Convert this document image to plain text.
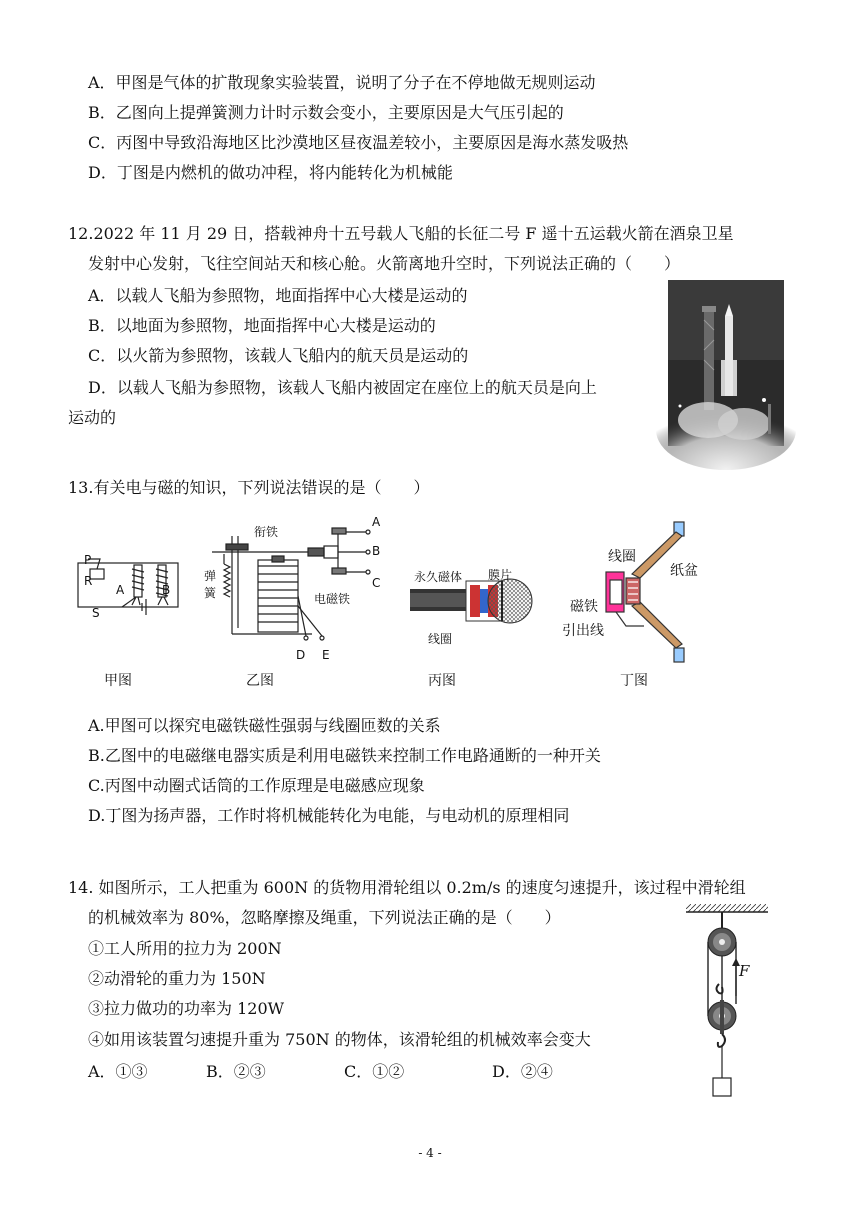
A．甲图是气体的扩散现象实验装置，说明了分子在不停地做无规则运动
B．乙图向上提弹簧测力计时示数会变小，主要原因是大气压引起的
C．丙图中导致沿海地区比沙漠地区昼夜温差较小，主要原因是海水蒸发吸热
D．丁图是内燃机的做功冲程，将内能转化为机械能
12.2022 年 11 月 29 日，搭载神舟十五号载人飞船的长征二号 F 遥十五运载火箭在酒泉卫星
发射中心发射，飞往空间站天和核心舱。火箭离地升空时，下列说法正确的（　　）
A．以载人飞船为参照物，地面指挥中心大楼是运动的
B．以地面为参照物，地面指挥中心大楼是运动的
C．以火箭为参照物，该载人飞船内的航天员是运动的
D．以载人飞船为参照物，该载人飞船内被固定在座位上的航天员是向上
运动的
13.有关电与磁的知识，下列说法错误的是（　　）
P
R
A	B
S
衔铁
弹簧	电磁铁
A
B
C
D E
永久磁体 膜片
线圈
线圈
纸盆
磁铁
引出线
甲图	乙图	丙图	丁图
A.甲图可以探究电磁铁磁性强弱与线圈匝数的关系
B.乙图中的电磁继电器实质是利用电磁铁来控制工作电路通断的一种开关
C.丙图中动圈式话筒的工作原理是电磁感应现象
D.丁图为扬声器，工作时将机械能转化为电能，与电动机的原理相同
14. 如图所示，工人把重为 600N 的货物用滑轮组以 0.2m/s 的速度匀速提升，该过程中滑轮组
的机械效率为 80%，忽略摩擦及绳重，下列说法正确的是（　　）
①工人所用的拉力为 200N
②动滑轮的重力为 150N
③拉力做功的功率为 120W
④如用该装置匀速提升重为 750N 的物体，该滑轮组的机械效率会变大
A．①③	B．②③	C．①②	D．②④
F
- 4 -
